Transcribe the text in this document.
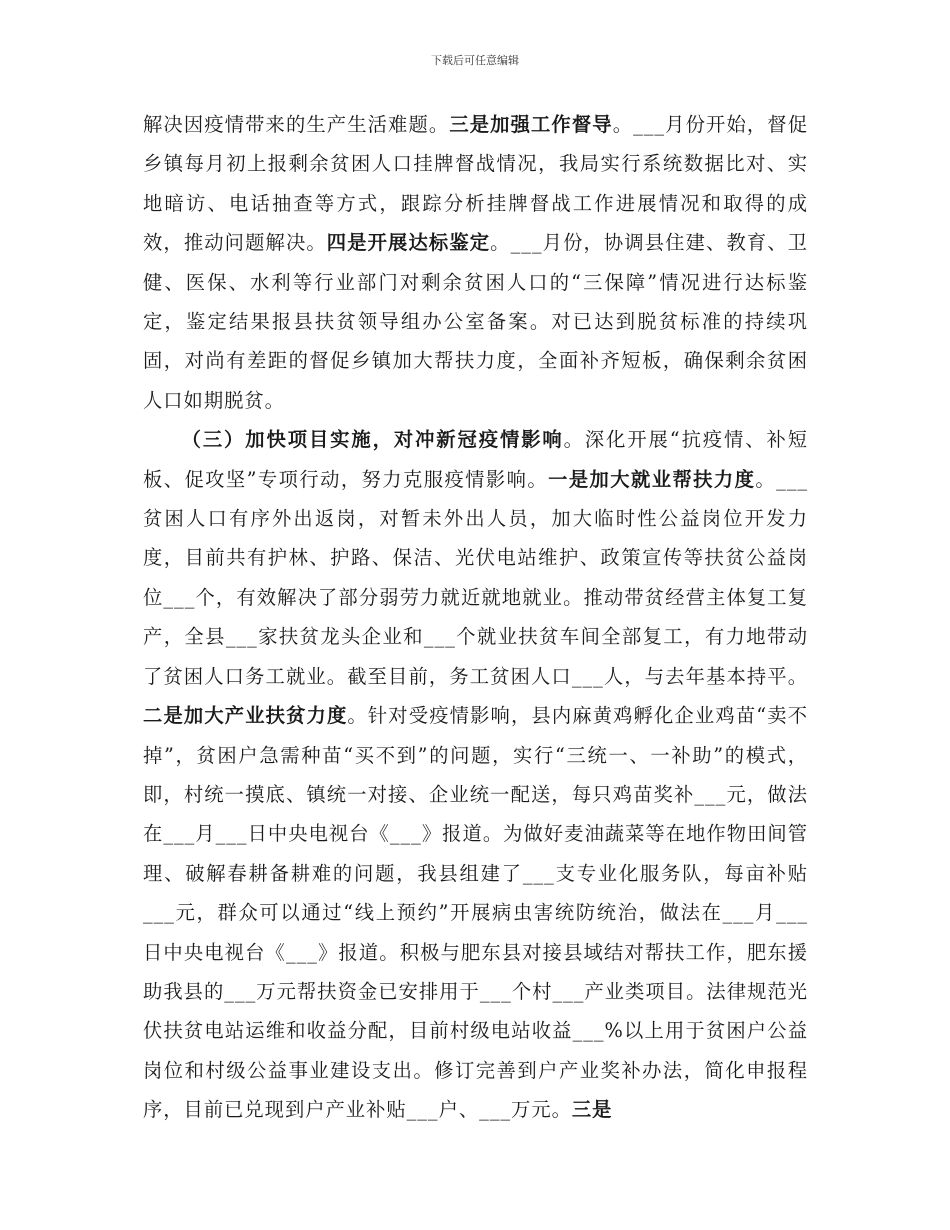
下载后可任意编辑

解决因疫情带来的生产生活难题。三是加强工作督导。___月份开始，督促乡镇每月初上报剩余贫困人口挂牌督战情况，我局实行系统数据比对、实地暗访、电话抽查等方式，跟踪分析挂牌督战工作进展情况和取得的成效，推动问题解决。四是开展达标鉴定。___月份，协调县住建、教育、卫健、医保、水利等行业部门对剩余贫困人口的“三保障”情况进行达标鉴定，鉴定结果报县扶贫领导组办公室备案。对已达到脱贫标准的持续巩固，对尚有差距的督促乡镇加大帮扶力度，全面补齐短板，确保剩余贫困人口如期脱贫。

（三）加快项目实施，对冲新冠疫情影响。深化开展“抗疫情、补短板、促攻坚”专项行动，努力克服疫情影响。一是加大就业帮扶力度。___贫困人口有序外出返岗，对暂未外出人员，加大临时性公益岗位开发力度，目前共有护林、护路、保洁、光伏电站维护、政策宣传等扶贫公益岗位___个，有效解决了部分弱劳力就近就地就业。推动带贫经营主体复工复产，全县___家扶贫龙头企业和___个就业扶贫车间全部复工，有力地带动了贫困人口务工就业。截至目前，务工贫困人口___人，与去年基本持平。二是加大产业扶贫力度。针对受疫情影响，县内麻黄鸡孵化企业鸡苗“卖不掉”，贫困户急需种苗“买不到”的问题，实行“三统一、一补助”的模式，即，村统一摸底、镇统一对接、企业统一配送，每只鸡苗奖补___元，做法在___月___日中央电视台《___》报道。为做好麦油蔬菜等在地作物田间管理、破解春耕备耕难的问题，我县组建了___支专业化服务队，每亩补贴___元，群众可以通过“线上预约”开展病虫害统防统治，做法在___月___日中央电视台《___》报道。积极与肥东县对接县域结对帮扶工作，肥东援助我县的___万元帮扶资金已安排用于___个村___产业类项目。法律规范光伏扶贫电站运维和收益分配，目前村级电站收益___%以上用于贫困户公益岗位和村级公益事业建设支出。修订完善到户产业奖补办法，简化申报程序，目前已兑现到户产业补贴___户、___万元。三是
